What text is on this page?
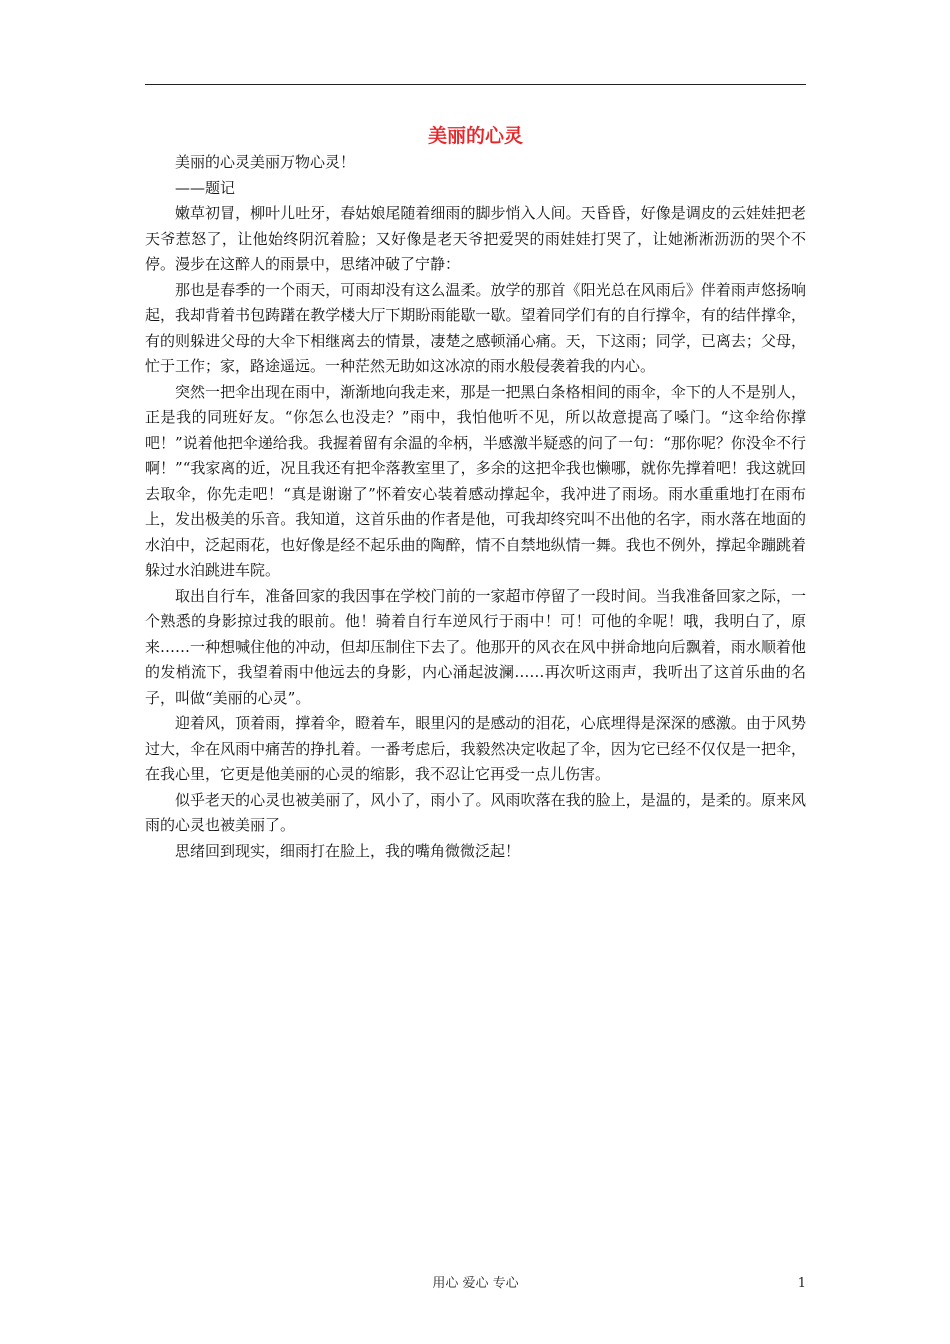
美丽的心灵

美丽的心灵美丽万物心灵！

——题记

嫩草初冒，柳叶儿吐牙，春姑娘尾随着细雨的脚步悄入人间。天昏昏，好像是调皮的云娃娃把老天爷惹怒了，让他始终阴沉着脸；又好像是老天爷把爱哭的雨娃娃打哭了，让她淅淅沥沥的哭个不停。漫步在这醉人的雨景中，思绪冲破了宁静：

那也是春季的一个雨天，可雨却没有这么温柔。放学的那首《阳光总在风雨后》伴着雨声悠扬响起，我却背着书包踌躇在教学楼大厅下期盼雨能歇一歇。望着同学们有的自行撑伞，有的结伴撑伞，有的则躲进父母的大伞下相继离去的情景，凄楚之感顿涌心痛。天，下这雨；同学，已离去；父母，忙于工作；家，路途遥远。一种茫然无助如这冰凉的雨水般侵袭着我的内心。

突然一把伞出现在雨中，渐渐地向我走来，那是一把黑白条格相间的雨伞，伞下的人不是别人，正是我的同班好友。“你怎么也没走？”雨中，我怕他听不见，所以故意提高了嗓门。“这伞给你撑吧！”说着他把伞递给我。我握着留有余温的伞柄，半感激半疑惑的问了一句：“那你呢？你没伞不行啊！”“我家离的近，况且我还有把伞落教室里了，多余的这把伞我也懒哪，就你先撑着吧！我这就回去取伞，你先走吧！“真是谢谢了”怀着安心装着感动撑起伞，我冲进了雨场。雨水重重地打在雨布上，发出极美的乐音。我知道，这首乐曲的作者是他，可我却终究叫不出他的名字，雨水落在地面的水泊中，泛起雨花，也好像是经不起乐曲的陶醉，情不自禁地纵情一舞。我也不例外，撑起伞蹦跳着躲过水泊跳进车院。

取出自行车，准备回家的我因事在学校门前的一家超市停留了一段时间。当我准备回家之际，一个熟悉的身影掠过我的眼前。他！骑着自行车逆风行于雨中！可！可他的伞呢！哦，我明白了，原来……一种想喊住他的冲动，但却压制住下去了。他那开的风衣在风中拼命地向后飘着，雨水顺着他的发梢流下，我望着雨中他远去的身影，内心涌起波澜……再次听这雨声，我听出了这首乐曲的名子，叫做“美丽的心灵”。

迎着风，顶着雨，撑着伞，瞪着车，眼里闪的是感动的泪花，心底埋得是深深的感激。由于风势过大，伞在风雨中痛苦的挣扎着。一番考虑后，我毅然决定收起了伞，因为它已经不仅仅是一把伞，在我心里，它更是他美丽的心灵的缩影，我不忍让它再受一点儿伤害。

似乎老天的心灵也被美丽了，风小了，雨小了。风雨吹落在我的脸上，是温的，是柔的。原来风雨的心灵也被美丽了。

思绪回到现实，细雨打在脸上，我的嘴角微微泛起！

用心 爱心 专心	1
